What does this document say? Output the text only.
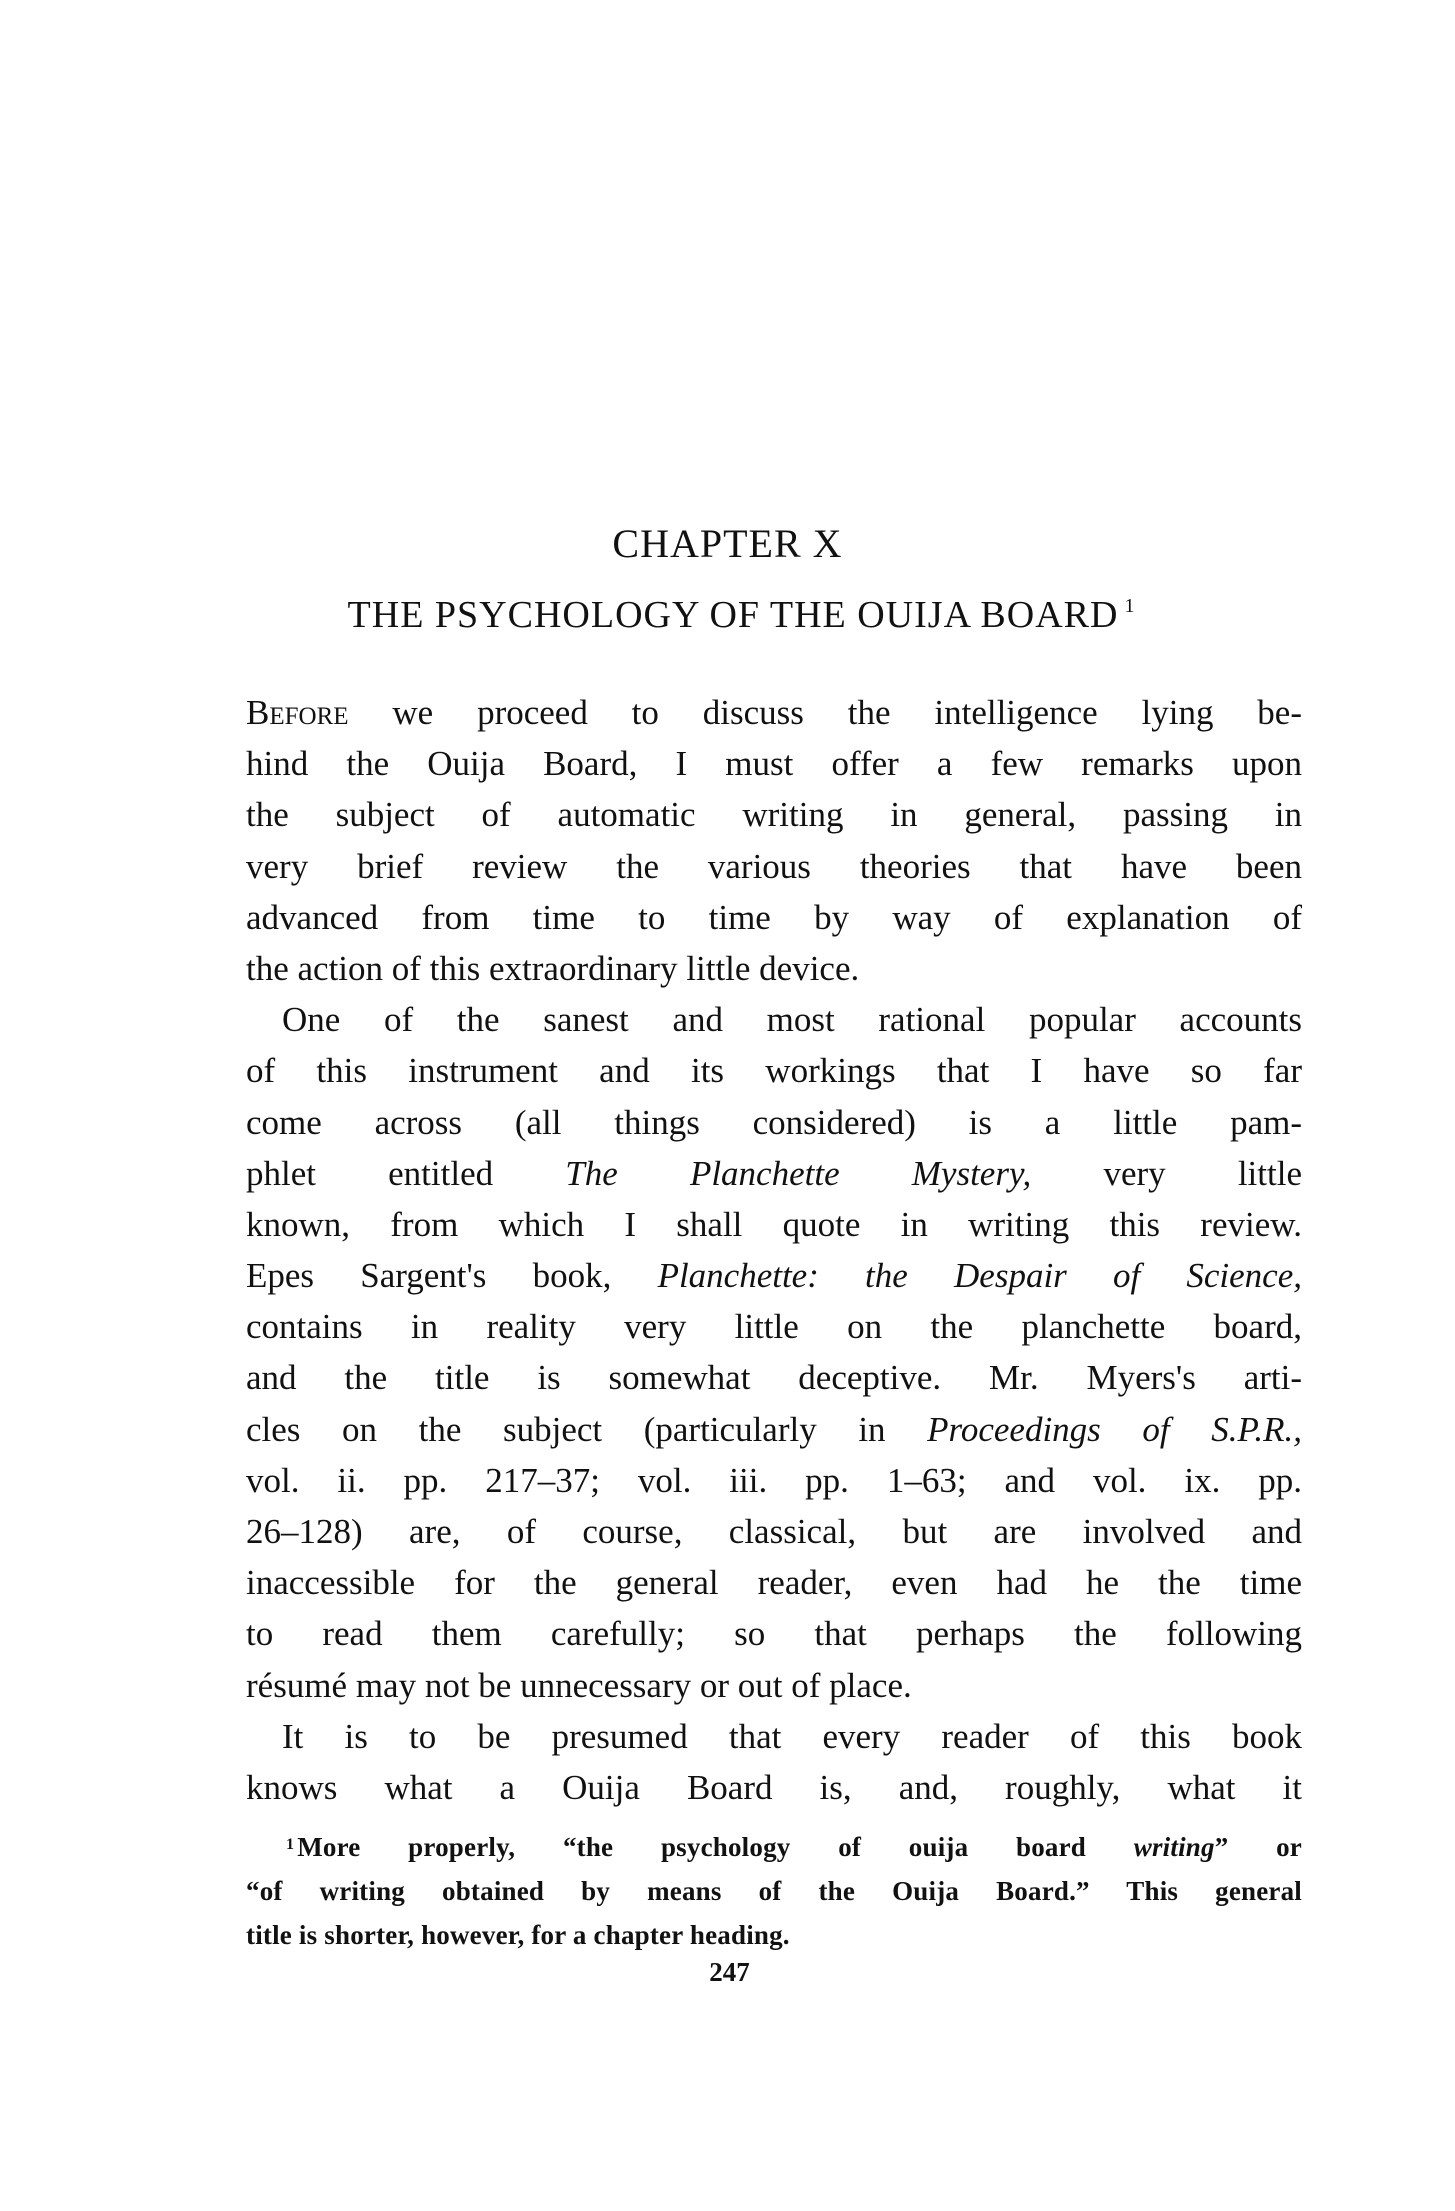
CHAPTER X
THE PSYCHOLOGY OF THE OUIJA BOARD $^1$
Before we proceed to discuss the intelligence lying be-
hind the Ouija Board, I must offer a few remarks upon
the subject of automatic writing in general, passing in
very brief review the various theories that have been
advanced from time to time by way of explanation of
the action of this extraordinary little device.
One of the sanest and most rational popular accounts
of this instrument and its workings that I have so far
come across (all things considered) is a little pam-
phlet entitled The Planchette Mystery, very little
known, from which I shall quote in writing this review.
Epes Sargent's book, Planchette: the Despair of Science,
contains in reality very little on the planchette board,
and the title is somewhat deceptive. Mr. Myers's arti-
cles on the subject (particularly in Proceedings of S.P.R.,
vol. ii. pp. 217–37; vol. iii. pp. 1–63; and vol. ix. pp.
26–128) are, of course, classical, but are involved and
inaccessible for the general reader, even had he the time
to read them carefully; so that perhaps the following
résumé may not be unnecessary or out of place.
It is to be presumed that every reader of this book
knows what a Ouija Board is, and, roughly, what it
$^1$ More properly, “the psychology of ouija board writing” or
“of writing obtained by means of the Ouija Board.” This general
title is shorter, however, for a chapter heading.
247
